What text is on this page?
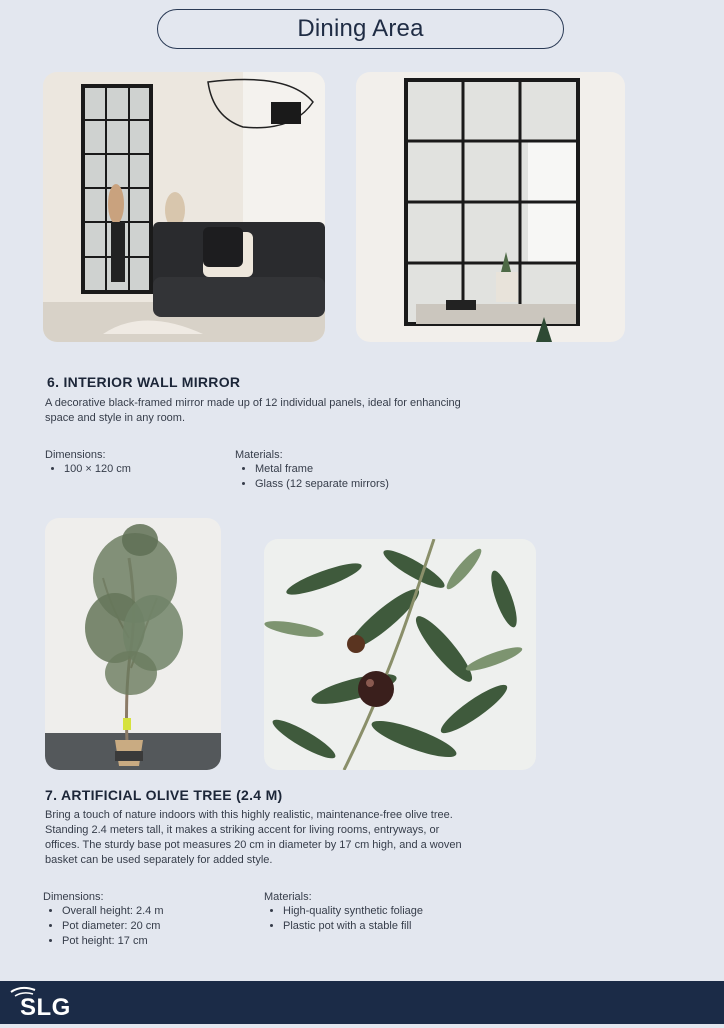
Dining Area
6. INTERIOR WALL MIRROR
A decorative black-framed mirror made up of 12 individual panels, ideal for enhancing space and style in any room.
Dimensions:
• 100 × 120 cm
Materials:
• Metal frame
• Glass (12 separate mirrors)
7. ARTIFICIAL OLIVE TREE (2.4 M)
Bring a touch of nature indoors with this highly realistic, maintenance-free olive tree. Standing 2.4 meters tall, it makes a striking accent for living rooms, entryways, or offices. The sturdy base pot measures 20 cm in diameter by 17 cm high, and a woven basket can be used separately for added style.
Dimensions:
• Overall height: 2.4 m
• Pot diameter: 20 cm
• Pot height: 17 cm
Materials:
• High-quality synthetic foliage
• Plastic pot with a stable fill
SLG
